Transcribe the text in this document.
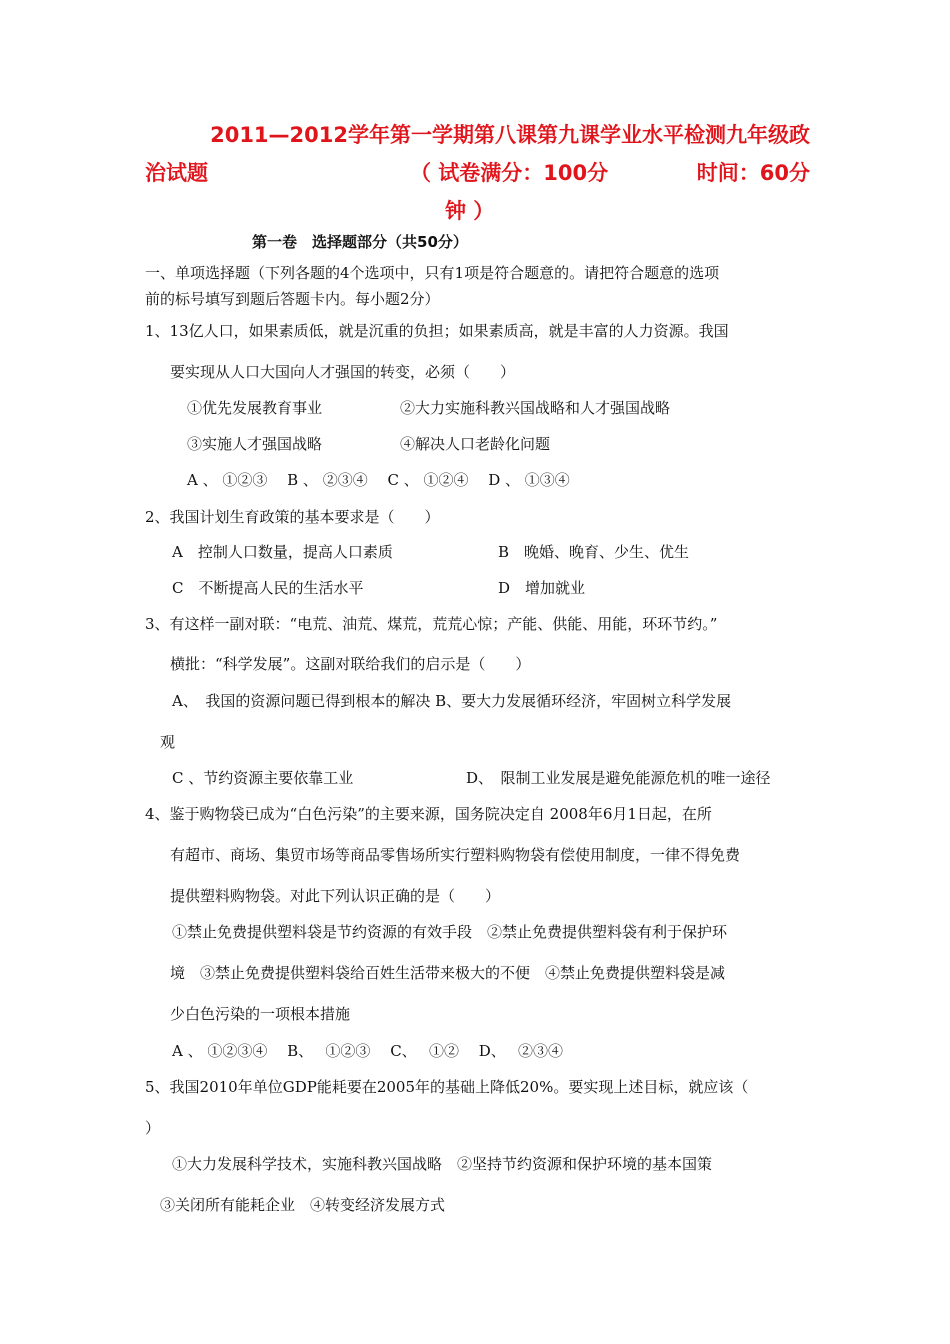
2011—2012学年第一学期第八课第九课学业水平检测九年级政
治试题	（ 试卷满分：100分	时间：60分
钟 ）
第一卷　选择题部分（共50分）
一、单项选择题（下列各题的4个选项中，只有1项是符合题意的。请把符合题意的选项
前的标号填写到题后答题卡内。每小题2分）
1、13亿人口，如果素质低，就是沉重的负担；如果素质高，就是丰富的人力资源。我国
要实现从人口大国向人才强国的转变，必须（　　）
①优先发展教育事业	②大力实施科教兴国战略和人才强国战略
③实施人才强国战略	④解决人口老龄化问题
A 、 ①②③　 B 、 ②③④　 C 、 ①②④　 D 、 ①③④
2、我国计划生育政策的基本要求是（　　）
A　控制人口数量，提高人口素质	B　晚婚、晚育、少生、优生
C　不断提高人民的生活水平	D　增加就业
3、有这样一副对联：“电荒、油荒、煤荒，荒荒心惊；产能、供能、用能，环环节约。”
横批：“科学发展”。这副对联给我们的启示是（　　）
A、　我国的资源问题已得到根本的解决 B、要大力发展循环经济，牢固树立科学发展
观
C 、节约资源主要依靠工业	D、　限制工业发展是避免能源危机的唯一途径
4、鉴于购物袋已成为“白色污染”的主要来源，国务院决定自 2008年6月1日起，在所
有超市、商场、集贸市场等商品零售场所实行塑料购物袋有偿使用制度，一律不得免费
提供塑料购物袋。对此下列认识正确的是（　　）
①禁止免费提供塑料袋是节约资源的有效手段　②禁止免费提供塑料袋有利于保护环
境　③禁止免费提供塑料袋给百姓生活带来极大的不便　④禁止免费提供塑料袋是减
少白色污染的一项根本措施
A 、 ①②③④　 B、　 ①②③　 C、　 ①②　 D、　 ②③④
5、我国2010年单位GDP能耗要在2005年的基础上降低20%。要实现上述目标，就应该（
）
①大力发展科学技术，实施科教兴国战略　②坚持节约资源和保护环境的基本国策
③关闭所有能耗企业　④转变经济发展方式
